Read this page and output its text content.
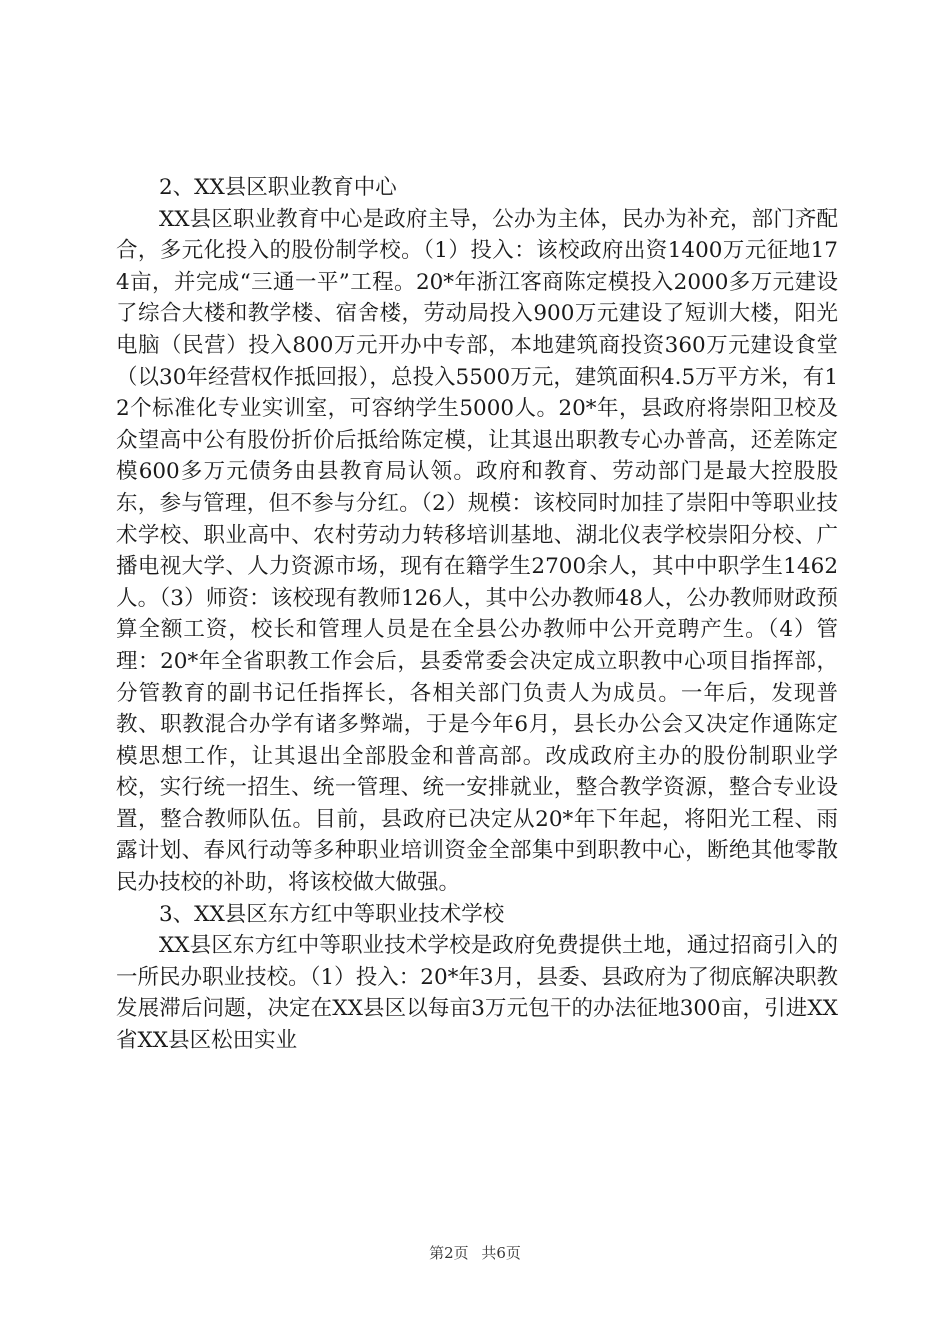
2、XX县区职业教育中心

XX县区职业教育中心是政府主导，公办为主体，民办为补充，部门齐配合，多元化投入的股份制学校。（1）投入：该校政府出资1400万元征地174亩，并完成“三通一平”工程。20*年浙江客商陈定模投入2000多万元建设了综合大楼和教学楼、宿舍楼，劳动局投入900万元建设了短训大楼，阳光电脑（民营）投入800万元开办中专部，本地建筑商投资360万元建设食堂（以30年经营权作抵回报），总投入5500万元，建筑面积4.5万平方米，有12个标准化专业实训室，可容纳学生5000人。20*年，县政府将崇阳卫校及众望高中公有股份折价后抵给陈定模，让其退出职教专心办普高，还差陈定模600多万元债务由县教育局认领。政府和教育、劳动部门是最大控股股东，参与管理，但不参与分红。（2）规模：该校同时加挂了崇阳中等职业技术学校、职业高中、农村劳动力转移培训基地、湖北仪表学校崇阳分校、广播电视大学、人力资源市场，现有在籍学生2700余人，其中中职学生1462人。（3）师资：该校现有教师126人，其中公办教师48人，公办教师财政预算全额工资，校长和管理人员是在全县公办教师中公开竞聘产生。（4）管理：20*年全省职教工作会后，县委常委会决定成立职教中心项目指挥部，分管教育的副书记任指挥长，各相关部门负责人为成员。一年后，发现普教、职教混合办学有诸多弊端，于是今年6月，县长办公会又决定作通陈定模思想工作，让其退出全部股金和普高部。改成政府主办的股份制职业学校，实行统一招生、统一管理、统一安排就业，整合教学资源，整合专业设置，整合教师队伍。目前，县政府已决定从20*年下年起，将阳光工程、雨露计划、春风行动等多种职业培训资金全部集中到职教中心，断绝其他零散民办技校的补助，将该校做大做强。

3、XX县区东方红中等职业技术学校

XX县区东方红中等职业技术学校是政府免费提供土地，通过招商引入的一所民办职业技校。（1）投入：20*年3月，县委、县政府为了彻底解决职教发展滞后问题，决定在XX县区以每亩3万元包干的办法征地300亩，引进XX省XX县区松田实业

第2页 共6页
